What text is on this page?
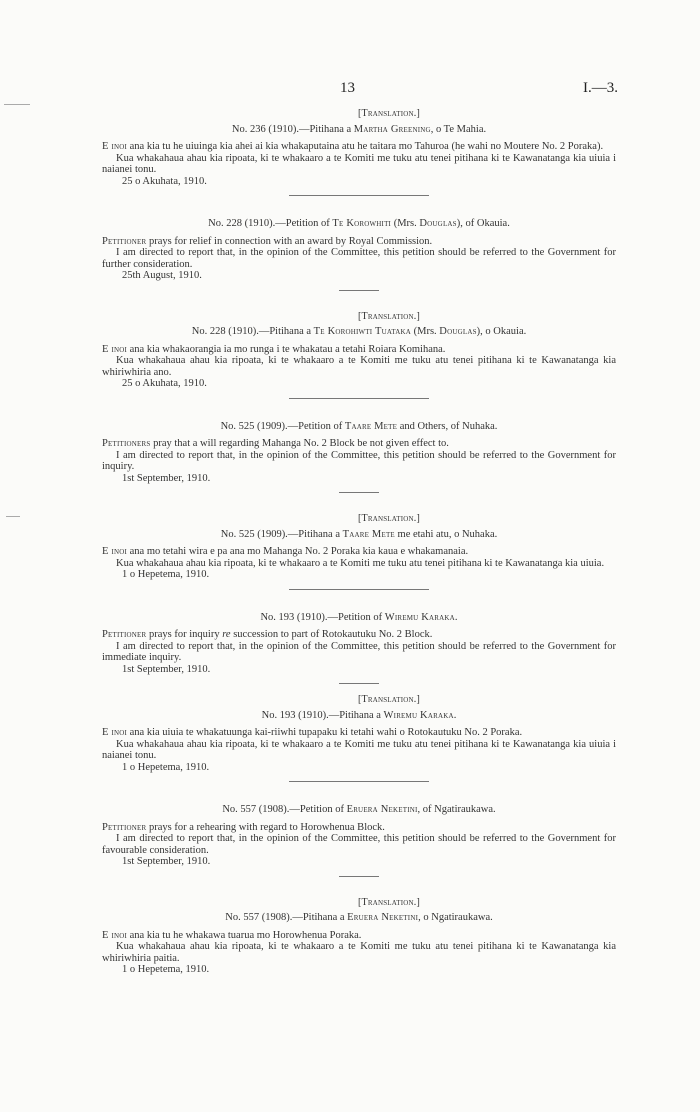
13	I.—3.
[Translation.]
No. 236 (1910).—Pitihana a Martha Greening, o Te Mahia.

E inoi ana kia tu he uiuinga kia ahei ai kia whakaputaina atu he taitara mo Tahuroa (he wahi no Moutere No. 2 Poraka).

Kua whakahaua ahau kia ripoata, ki te whakaaro a te Komiti me tuku atu tenei pitihana ki te Kawanatanga kia uiuia i naianei tonu.

25 o Akuhata, 1910.

No. 228 (1910).—Petition of Te Korowhiti (Mrs. Douglas), of Okauia.

Petitioner prays for relief in connection with an award by Royal Commission.

I am directed to report that, in the opinion of the Committee, this petition should be referred to the Government for further consideration.

25th August, 1910.

[Translation.]
No. 228 (1910).—Pitihana a Te Korohiwti Tuataka (Mrs. Douglas), o Okauia.

E inoi ana kia whakaorangia ia mo runga i te whakatau a tetahi Roiara Komihana.

Kua whakahaua ahau kia ripoata, ki te whakaaro a te Komiti me tuku atu tenei pitihana ki te Kawanatanga kia whiriwhiria ano.

25 o Akuhata, 1910.

No. 525 (1909).—Petition of Taare Mete and Others, of Nuhaka.

Petitioners pray that a will regarding Mahanga No. 2 Block be not given effect to.

I am directed to report that, in the opinion of the Committee, this petition should be referred to the Government for inquiry.

1st September, 1910.

[Translation.]
No. 525 (1909).—Pitihana a Taare Mete me etahi atu, o Nuhaka.

E inoi ana mo tetahi wira e pa ana mo Mahanga No. 2 Poraka kia kaua e whakamanaia.

Kua whakahaua ahau kia ripoata, ki te whakaaro a te Komiti me tuku atu tenei pitihana ki te Kawanatanga kia uiuia.

1 o Hepetema, 1910.

No. 193 (1910).—Petition of Wiremu Karaka.

Petitioner prays for inquiry re succession to part of Rotokautuku No. 2 Block.

I am directed to report that, in the opinion of the Committee, this petition should be referred to the Government for immediate inquiry.

1st September, 1910.

[Translation.]
No. 193 (1910).—Pitihana a Wiremu Karaka.

E inoi ana kia uiuia te whakatuunga kai-riiwhi tupapaku ki tetahi wahi o Rotokautuku No. 2 Poraka.

Kua whakahaua ahau kia ripoata, ki te whakaaro a te Komiti me tuku atu tenei pitihana ki te Kawanatanga kia uiuia i naianei tonu.

1 o Hepetema, 1910.

No. 557 (1908).—Petition of Eruera Neketini, of Ngatiraukawa.

Petitioner prays for a rehearing with regard to Horowhenua Block.

I am directed to report that, in the opinion of the Committee, this petition should be referred to the Government for favourable consideration.

1st September, 1910.

[Translation.]
No. 557 (1908).—Pitihana a Eruera Neketini, o Ngatiraukawa.

E inoi ana kia tu he whakawa tuarua mo Horowhenua Poraka.

Kua whakahaua ahau kia ripoata, ki te whakaaro a te Komiti me tuku atu tenei pitihana ki te Kawanatanga kia whiriwhiria paitia.

1 o Hepetema, 1910.
